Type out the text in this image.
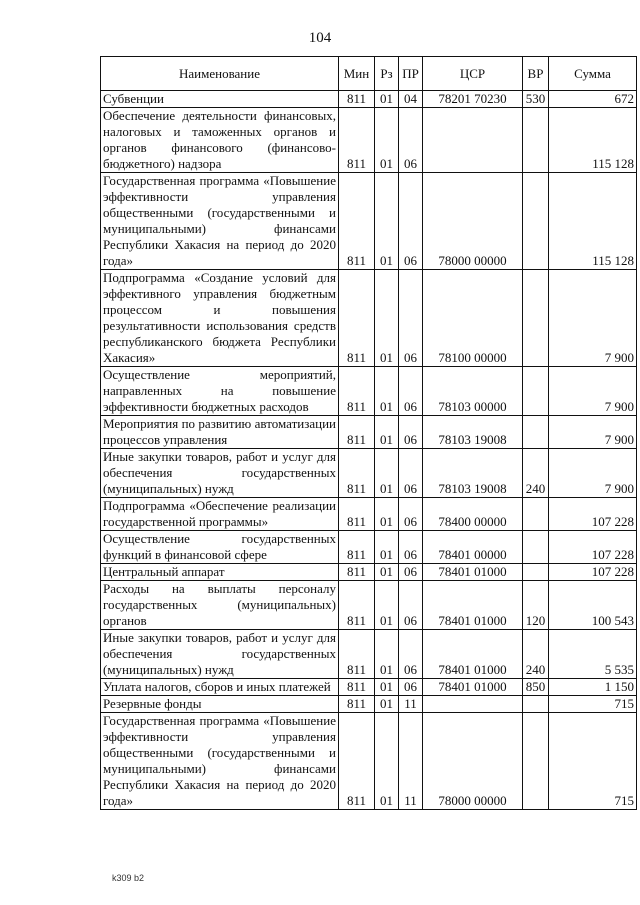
104
Наименование	Мин	Рз	ПР	ЦСР	ВР	Сумма
Субвенции	811	01	04	78201 70230	530	672
Обеспечение деятельности финансовых, налоговых и таможенных органов и органов финансового (финансово-бюджетного) надзора	811	01	06			115 128
Государственная программа «Повышение эффективности управления общественными (государственными и муниципальными) финансами Республики Хакасия на период до 2020 года»	811	01	06	78000 00000		115 128
Подпрограмма «Создание условий для эффективного управления бюджетным процессом и повышения результативности использования средств республиканского бюджета Республики Хакасия»	811	01	06	78100 00000		7 900
Осуществление мероприятий, направленных на повышение эффективности бюджетных расходов	811	01	06	78103 00000		7 900
Мероприятия по развитию автоматизации процессов управления	811	01	06	78103 19008		7 900
Иные закупки товаров, работ и услуг для обеспечения государственных (муниципальных) нужд	811	01	06	78103 19008	240	7 900
Подпрограмма «Обеспечение реализации государственной программы»	811	01	06	78400 00000		107 228
Осуществление государственных функций в финансовой сфере	811	01	06	78401 00000		107 228
Центральный аппарат	811	01	06	78401 01000		107 228
Расходы на выплаты персоналу государственных (муниципальных) органов	811	01	06	78401 01000	120	100 543
Иные закупки товаров, работ и услуг для обеспечения государственных (муниципальных) нужд	811	01	06	78401 01000	240	5 535
Уплата налогов, сборов и иных платежей	811	01	06	78401 01000	850	1 150
Резервные фонды	811	01	11			715
Государственная программа «Повышение эффективности управления общественными (государственными и муниципальными) финансами Республики Хакасия на период до 2020 года»	811	01	11	78000 00000		715
k309 b2
